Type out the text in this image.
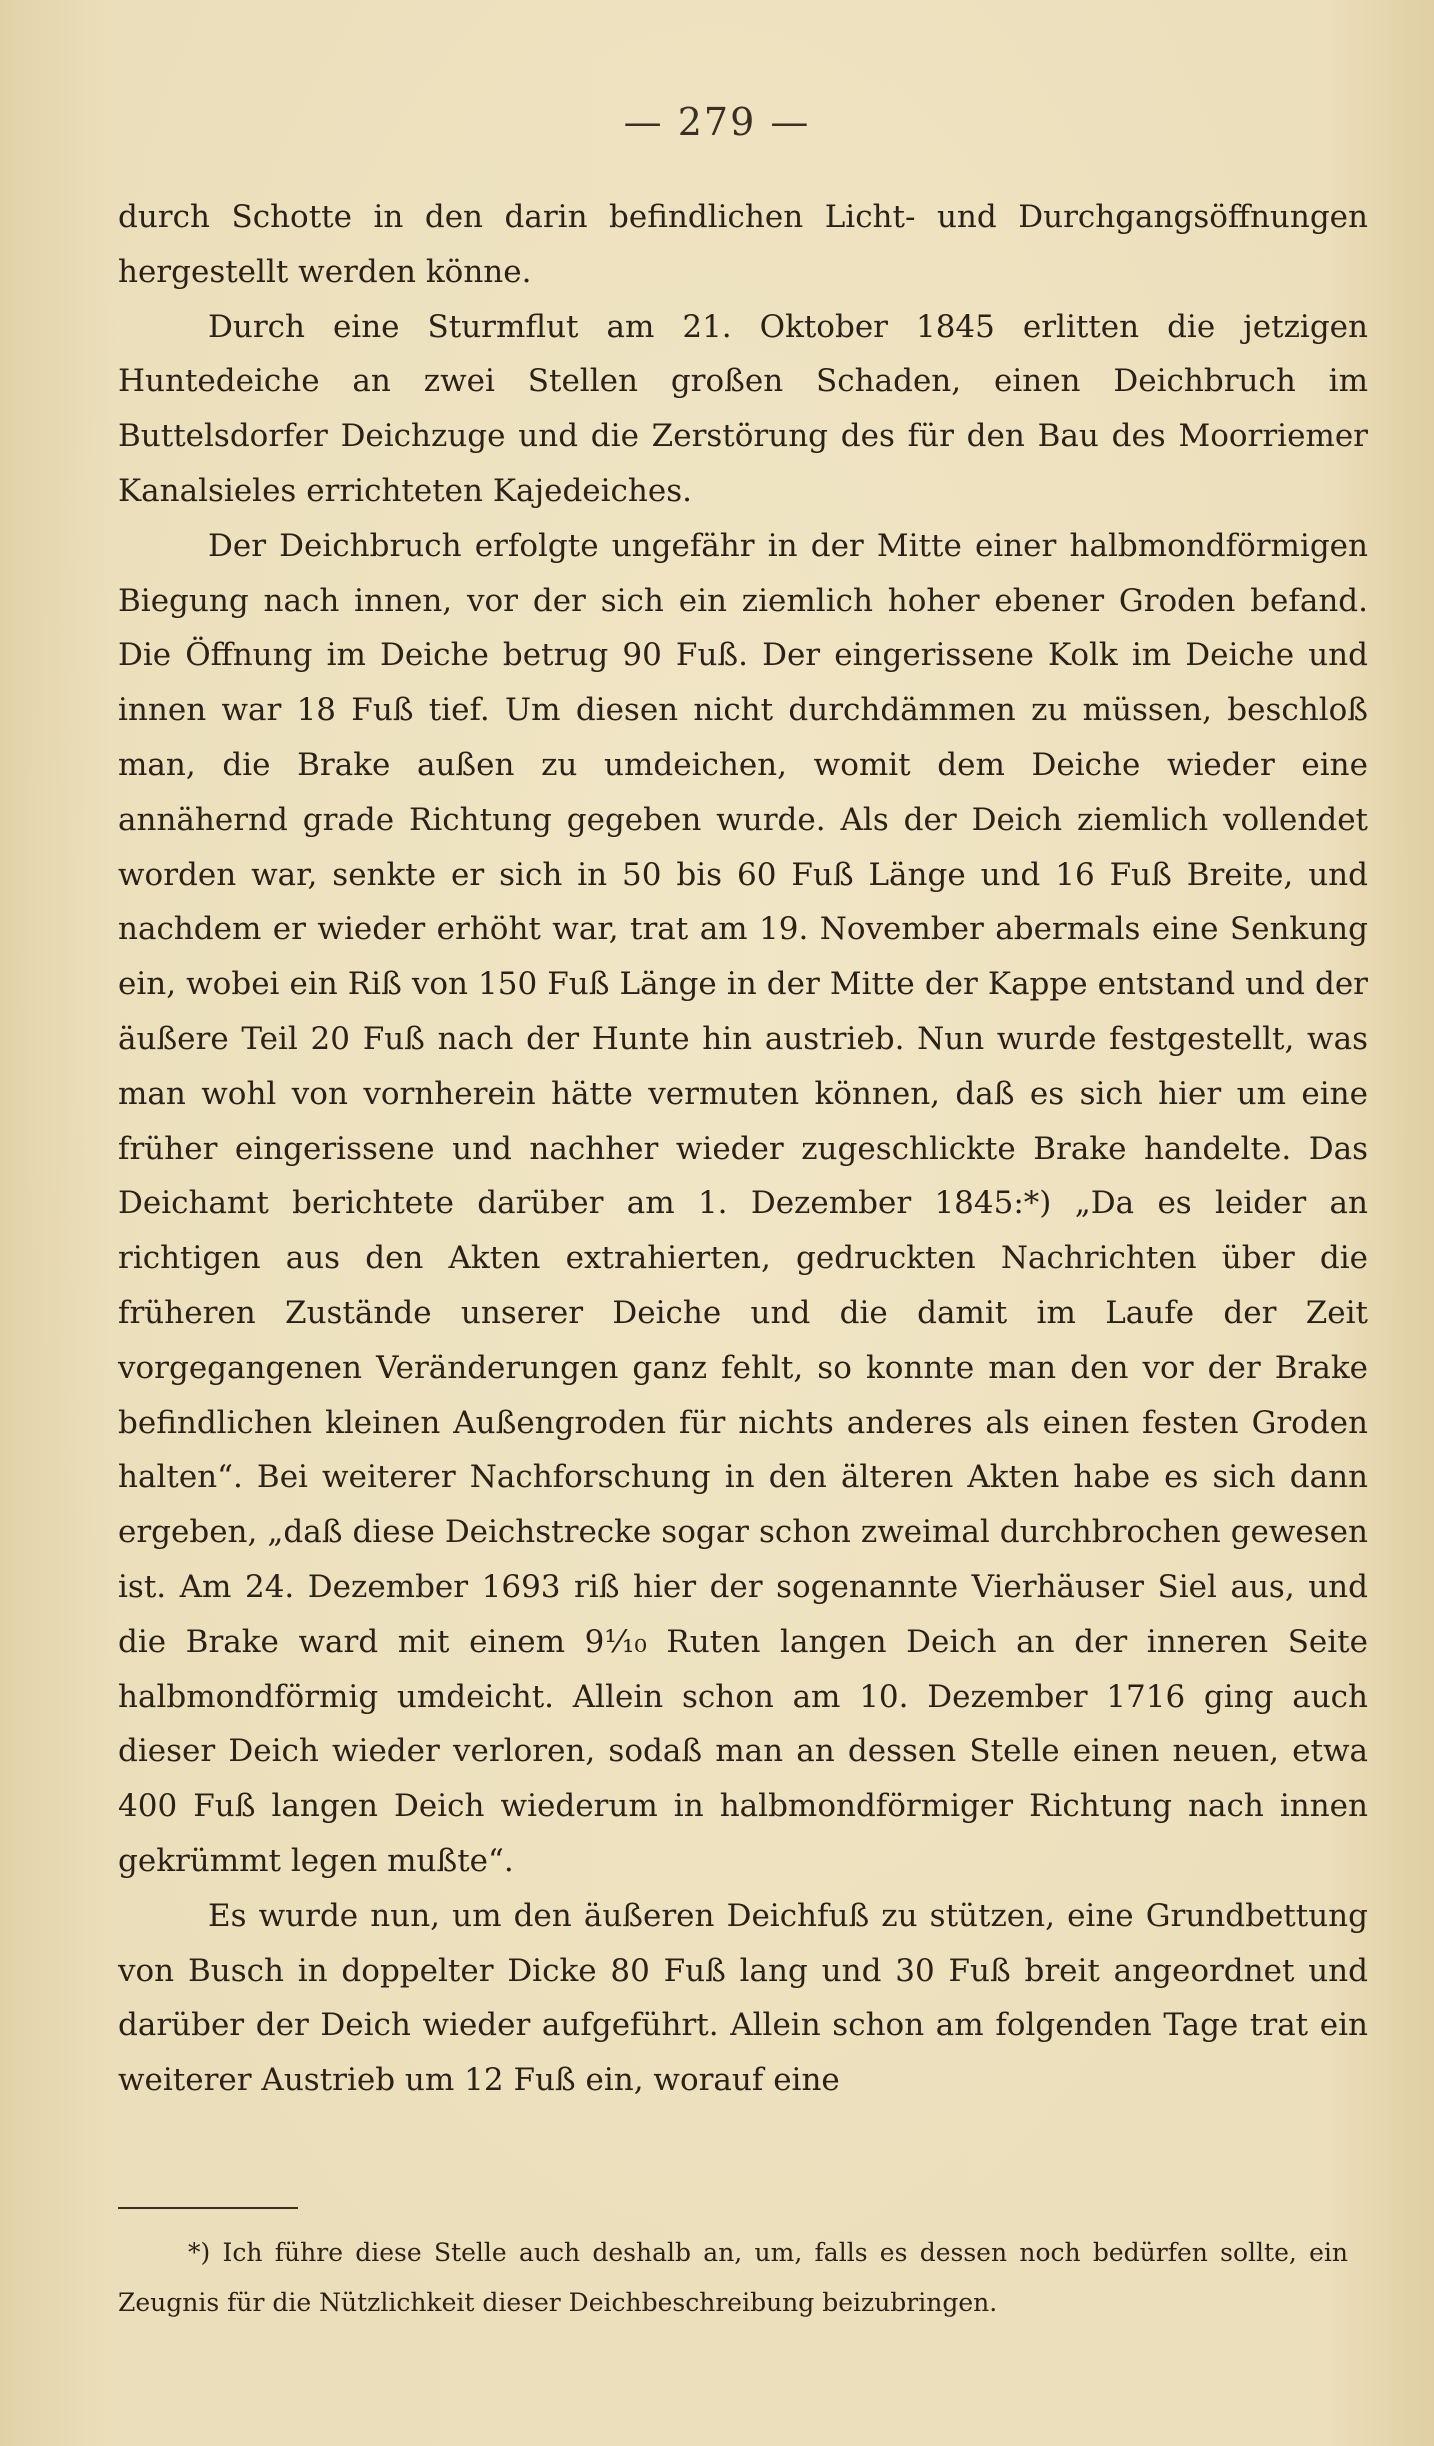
— 279 —

durch Schotte in den darin befindlichen Licht- und Durchgangsöffnungen hergestellt werden könne.

Durch eine Sturmflut am 21. Oktober 1845 erlitten die jetzigen Huntedeiche an zwei Stellen großen Schaden, einen Deichbruch im Buttelsdorfer Deichzuge und die Zerstörung des für den Bau des Moorriemer Kanalsieles errichteten Kajedeiches.

Der Deichbruch erfolgte ungefähr in der Mitte einer halbmondförmigen Biegung nach innen, vor der sich ein ziemlich hoher ebener Groden befand. Die Öffnung im Deiche betrug 90 Fuß. Der eingerissene Kolk im Deiche und innen war 18 Fuß tief. Um diesen nicht durchdämmen zu müssen, beschloß man, die Brake außen zu umdeichen, womit dem Deiche wieder eine annähernd grade Richtung gegeben wurde. Als der Deich ziemlich vollendet worden war, senkte er sich in 50 bis 60 Fuß Länge und 16 Fuß Breite, und nachdem er wieder erhöht war, trat am 19. November abermals eine Senkung ein, wobei ein Riß von 150 Fuß Länge in der Mitte der Kappe entstand und der äußere Teil 20 Fuß nach der Hunte hin austrieb. Nun wurde festgestellt, was man wohl von vornherein hätte vermuten können, daß es sich hier um eine früher eingerissene und nachher wieder zugeschlickte Brake handelte. Das Deichamt berichtete darüber am 1. Dezember 1845:*) „Da es leider an richtigen aus den Akten extrahierten, gedruckten Nachrichten über die früheren Zustände unserer Deiche und die damit im Laufe der Zeit vorgegangenen Veränderungen ganz fehlt, so konnte man den vor der Brake befindlichen kleinen Außengroden für nichts anderes als einen festen Groden halten“. Bei weiterer Nachforschung in den älteren Akten habe es sich dann ergeben, „daß diese Deichstrecke sogar schon zweimal durchbrochen gewesen ist. Am 24. Dezember 1693 riß hier der sogenannte Vierhäuser Siel aus, und die Brake ward mit einem 9¹⁄₁₀ Ruten langen Deich an der inneren Seite halbmondförmig umdeicht. Allein schon am 10. Dezember 1716 ging auch dieser Deich wieder verloren, sodaß man an dessen Stelle einen neuen, etwa 400 Fuß langen Deich wiederum in halbmondförmiger Richtung nach innen gekrümmt legen mußte“.

Es wurde nun, um den äußeren Deichfuß zu stützen, eine Grundbettung von Busch in doppelter Dicke 80 Fuß lang und 30 Fuß breit angeordnet und darüber der Deich wieder aufgeführt. Allein schon am folgenden Tage trat ein weiterer Austrieb um 12 Fuß ein, worauf eine

*) Ich führe diese Stelle auch deshalb an, um, falls es dessen noch bedürfen sollte, ein Zeugnis für die Nützlichkeit dieser Deichbeschreibung beizubringen.
